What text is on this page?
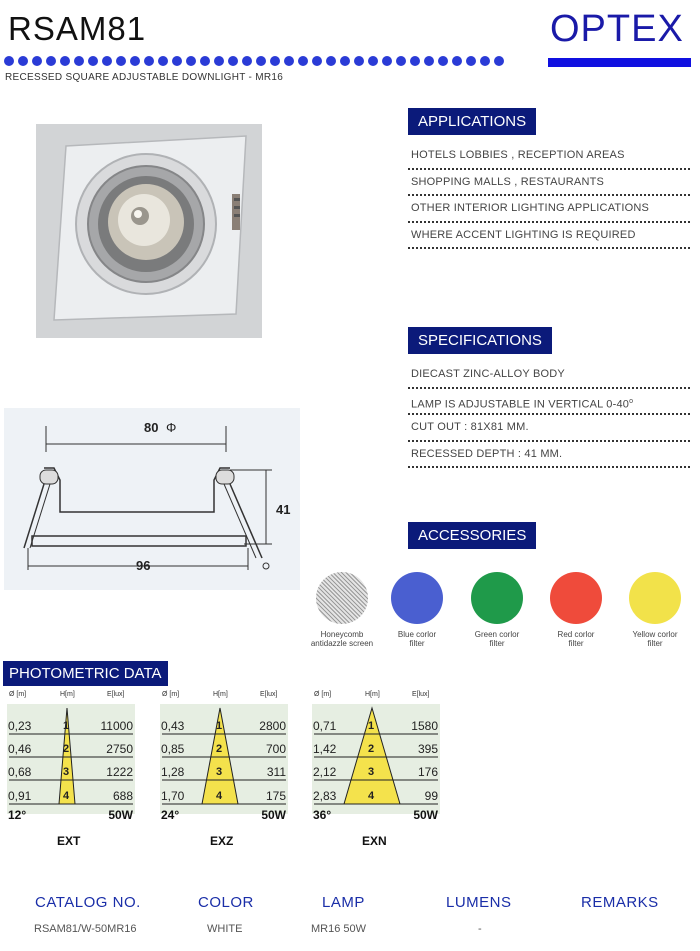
RSAM81	OPTEX
RECESSED SQUARE ADJUSTABLE DOWNLIGHT - MR16
80 Φ
41
96
APPLICATIONS
HOTELS LOBBIES , RECEPTION AREAS
SHOPPING MALLS , RESTAURANTS
OTHER INTERIOR LIGHTING APPLICATIONS
WHERE ACCENT LIGHTING IS REQUIRED
SPECIFICATIONS
DIECAST ZINC-ALLOY BODY
LAMP IS ADJUSTABLE IN VERTICAL 0-40$^o$
CUT OUT : 81X81 MM.
RECESSED DEPTH : 41 MM.
ACCESSORIES
Honeycomb
antidazzle screen
Blue corlor
filter
Green corlor
filter
Red corlor
filter
Yellow corlor
filter
PHOTOMETRIC DATA
Ø [m]	H[m]	E[lux]
0,23	1	11000
0,46	2	2750
0,68	3	1222
0,91	4	688
12°	50W
EXT
Ø [m]	H[m]	E[lux]
0,43	1	2800
0,85	2	700
1,28	3	311
1,70	4	175
24°	50W
EXZ
Ø [m]	H[m]	E[lux]
0,71	1	1580
1,42	2	395
2,12	3	176
2,83	4	99
36°	50W
EXN
CATALOG NO.	COLOR	LAMP	LUMENS	REMARKS
RSAM81/W-50MR16	WHITE	MR16 50W	-
